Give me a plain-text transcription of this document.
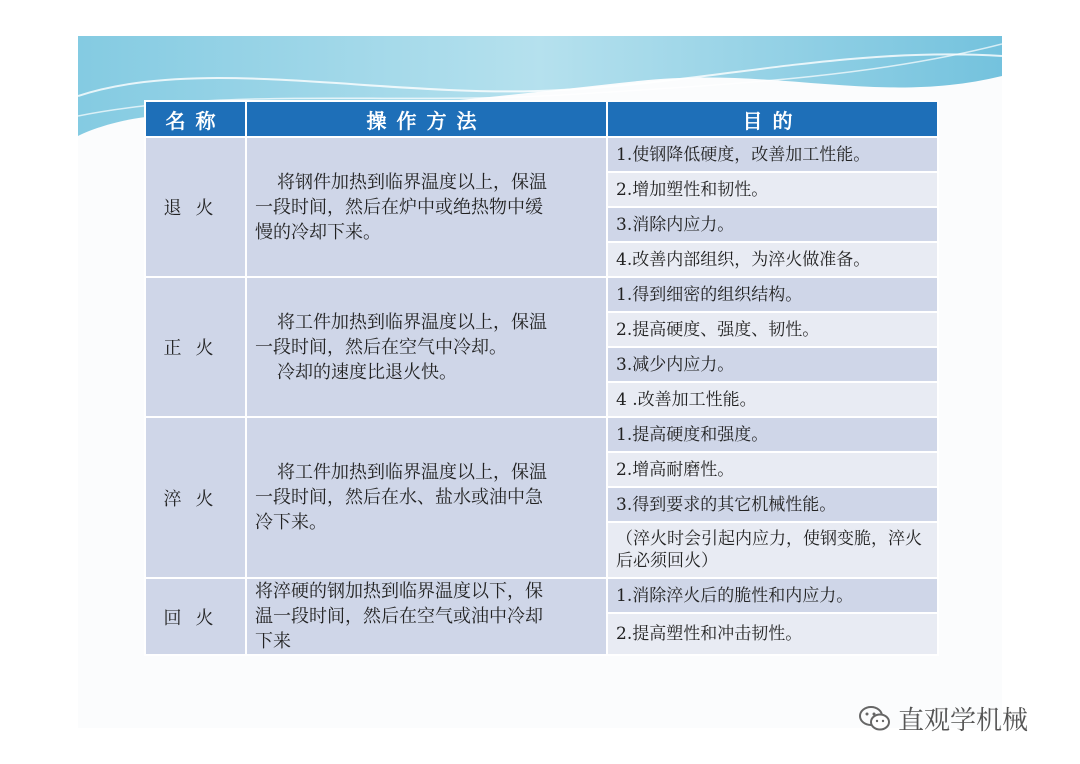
名称	操作方法	目的
退火	将钢件加热到临界温度以上，保温
一段时间，然后在炉中或绝热物中缓
慢的冷却下来。	1.使钢降低硬度，改善加工性能。
		2.增加塑性和韧性。
		3.消除内应力。
		4.改善内部组织，为淬火做准备。
正火	将工件加热到临界温度以上，保温
一段时间，然后在空气中冷却。
冷却的速度比退火快。	1.得到细密的组织结构。
		2.提高硬度、强度、韧性。
		3.减少内应力。
		4 .改善加工性能。
淬火	将工件加热到临界温度以上，保温
一段时间，然后在水、盐水或油中急
冷下来。	1.提高硬度和强度。
		2.增高耐磨性。
		3.得到要求的其它机械性能。
		（淬火时会引起内应力，使钢变脆，淬火后必须回火）
回火	将淬硬的钢加热到临界温度以下，保
温一段时间，然后在空气或油中冷却
下来	1.消除淬火后的脆性和内应力。
		2.提高塑性和冲击韧性。
直观学机械
